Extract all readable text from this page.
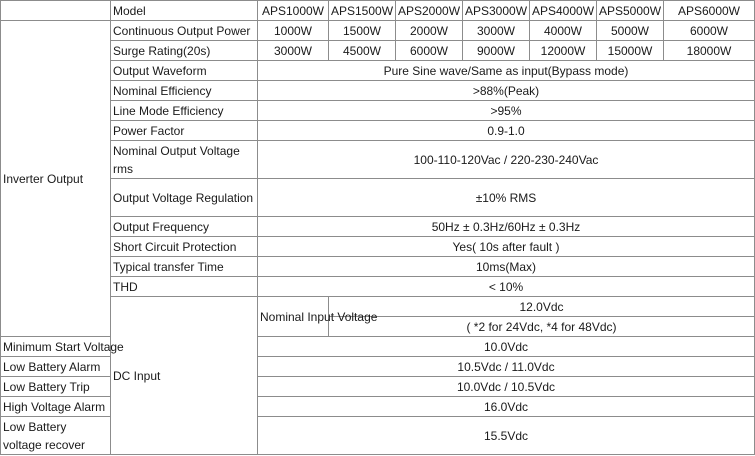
	Model	APS1000W	APS1500W	APS2000W	APS3000W	APS4000W	APS5000W	APS6000W
Inverter Output	Continuous Output Power	1000W	1500W	2000W	3000W	4000W	5000W	6000W
	Surge Rating(20s)	3000W	4500W	6000W	9000W	12000W	15000W	18000W
	Output Waveform	Pure Sine wave/Same as input(Bypass mode)						
	Nominal Efficiency	>88%(Peak)						
	Line Mode Efficiency	>95%						
	Power Factor	0.9-1.0						
	Nominal Output Voltage rms	100-110-120Vac / 220-230-240Vac						
	Output Voltage Regulation	±10% RMS						
	Output Frequency	50Hz ± 0.3Hz/60Hz ± 0.3Hz						
	Short Circuit Protection	Yes( 10s after fault )						
	Typical transfer Time	10ms(Max)						
	THD	< 10%						
	DC Input	Nominal Input Voltage	12.0Vdc					
			( *2 for 24Vdc, *4 for 48Vdc)					
Minimum Start Voltage		10.0Vdc						
Low Battery Alarm		10.5Vdc / 11.0Vdc						
Low Battery Trip		10.0Vdc / 10.5Vdc						
High Voltage Alarm		16.0Vdc						
Low Battery voltage recover		15.5Vdc						
